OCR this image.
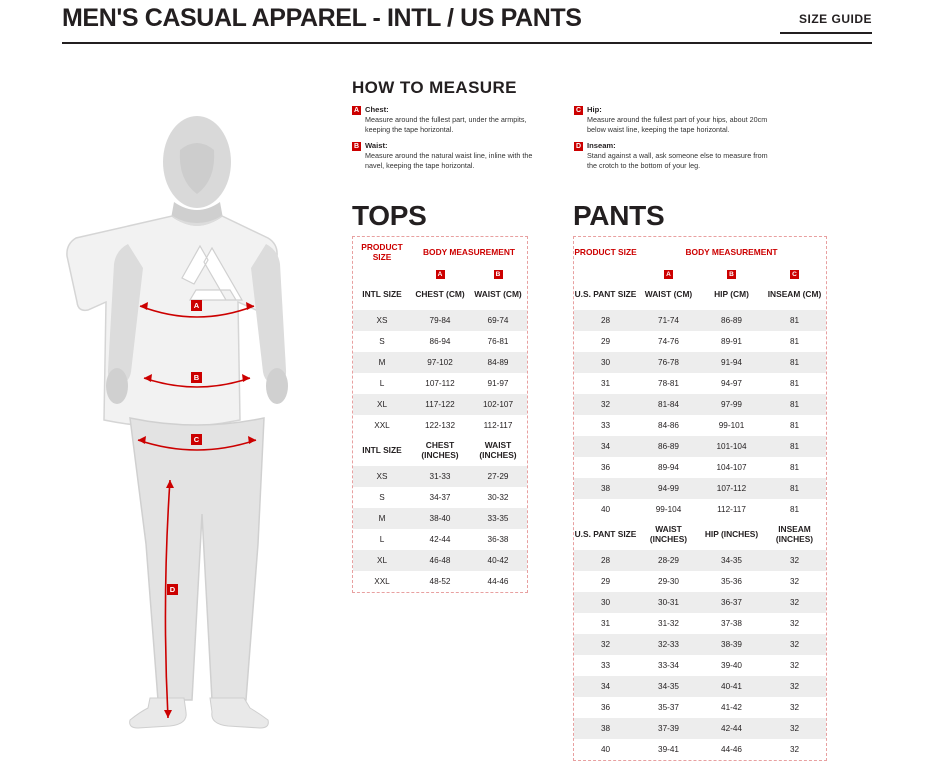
MEN'S CASUAL APPAREL - INTL / US PANTS	SIZE GUIDE
HOW TO MEASURE
A Chest:
Measure around the fullest part, under the armpits, keeping the tape horizontal.
B Waist:
Measure around the natural waist line, inline with the navel, keeping the tape horizontal.
C Hip:
Measure around the fullest part of your hips, about 20cm below waist line, keeping the tape horizontal.
D Inseam:
Stand against a wall, ask someone else to measure from the crotch to the bottom of your leg.
TOPS	PANTS
A
B
C
D
PRODUCT SIZE	BODY MEASUREMENT	
	A	B
INTL SIZE	CHEST (CM)	WAIST (CM)
XS	79-84	69-74
S	86-94	76-81
M	97-102	84-89
L	107-112	91-97
XL	117-122	102-107
XXL	122-132	112-117
INTL SIZE	CHEST (INCHES)	WAIST (INCHES)
XS	31-33	27-29
S	34-37	30-32
M	38-40	33-35
L	42-44	36-38
XL	46-48	40-42
XXL	48-52	44-46
PRODUCT SIZE	BODY MEASUREMENT		
	A	B	C
U.S. PANT SIZE	WAIST (CM)	HIP (CM)	INSEAM (CM)
28	71-74	86-89	81
29	74-76	89-91	81
30	76-78	91-94	81
31	78-81	94-97	81
32	81-84	97-99	81
33	84-86	99-101	81
34	86-89	101-104	81
36	89-94	104-107	81
38	94-99	107-112	81
40	99-104	112-117	81
U.S. PANT SIZE	WAIST (INCHES)	HIP (INCHES)	INSEAM (INCHES)
28	28-29	34-35	32
29	29-30	35-36	32
30	30-31	36-37	32
31	31-32	37-38	32
32	32-33	38-39	32
33	33-34	39-40	32
34	34-35	40-41	32
36	35-37	41-42	32
38	37-39	42-44	32
40	39-41	44-46	32
